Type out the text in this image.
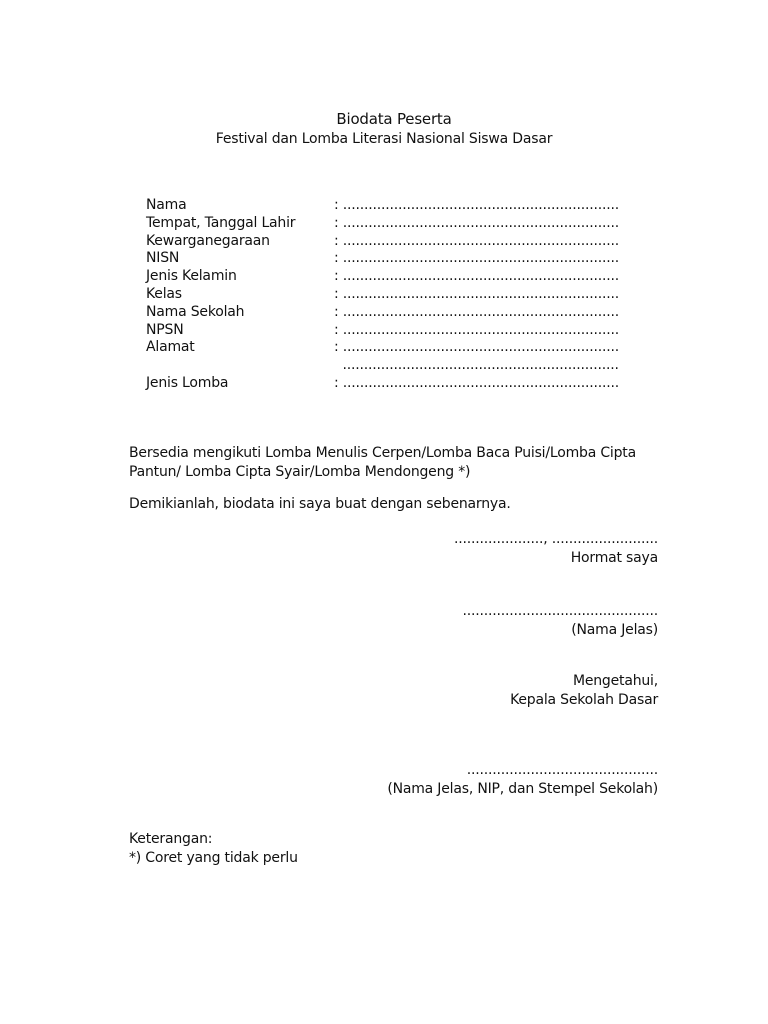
Biodata Peserta
Festival dan Lomba Literasi Nasional Siswa Dasar
Nama	: .................................................................
Tempat, Tanggal Lahir	: .................................................................
Kewarganegaraan	: .................................................................
NISN	: .................................................................
Jenis Kelamin	: .................................................................
Kelas	: .................................................................
Nama Sekolah	: .................................................................
NPSN	: .................................................................
Alamat	: .................................................................
.................................................................
Jenis Lomba	: .................................................................
Bersedia mengikuti Lomba Menulis Cerpen/Lomba Baca Puisi/Lomba Cipta Pantun/ Lomba Cipta Syair/Lomba Mendongeng *)
Demikianlah, biodata ini saya buat dengan sebenarnya.
....................., .........................
Hormat saya
..............................................
(Nama Jelas)
Mengetahui,
Kepala Sekolah Dasar
.............................................
(Nama Jelas, NIP, dan Stempel Sekolah)
Keterangan:
*) Coret yang tidak perlu
